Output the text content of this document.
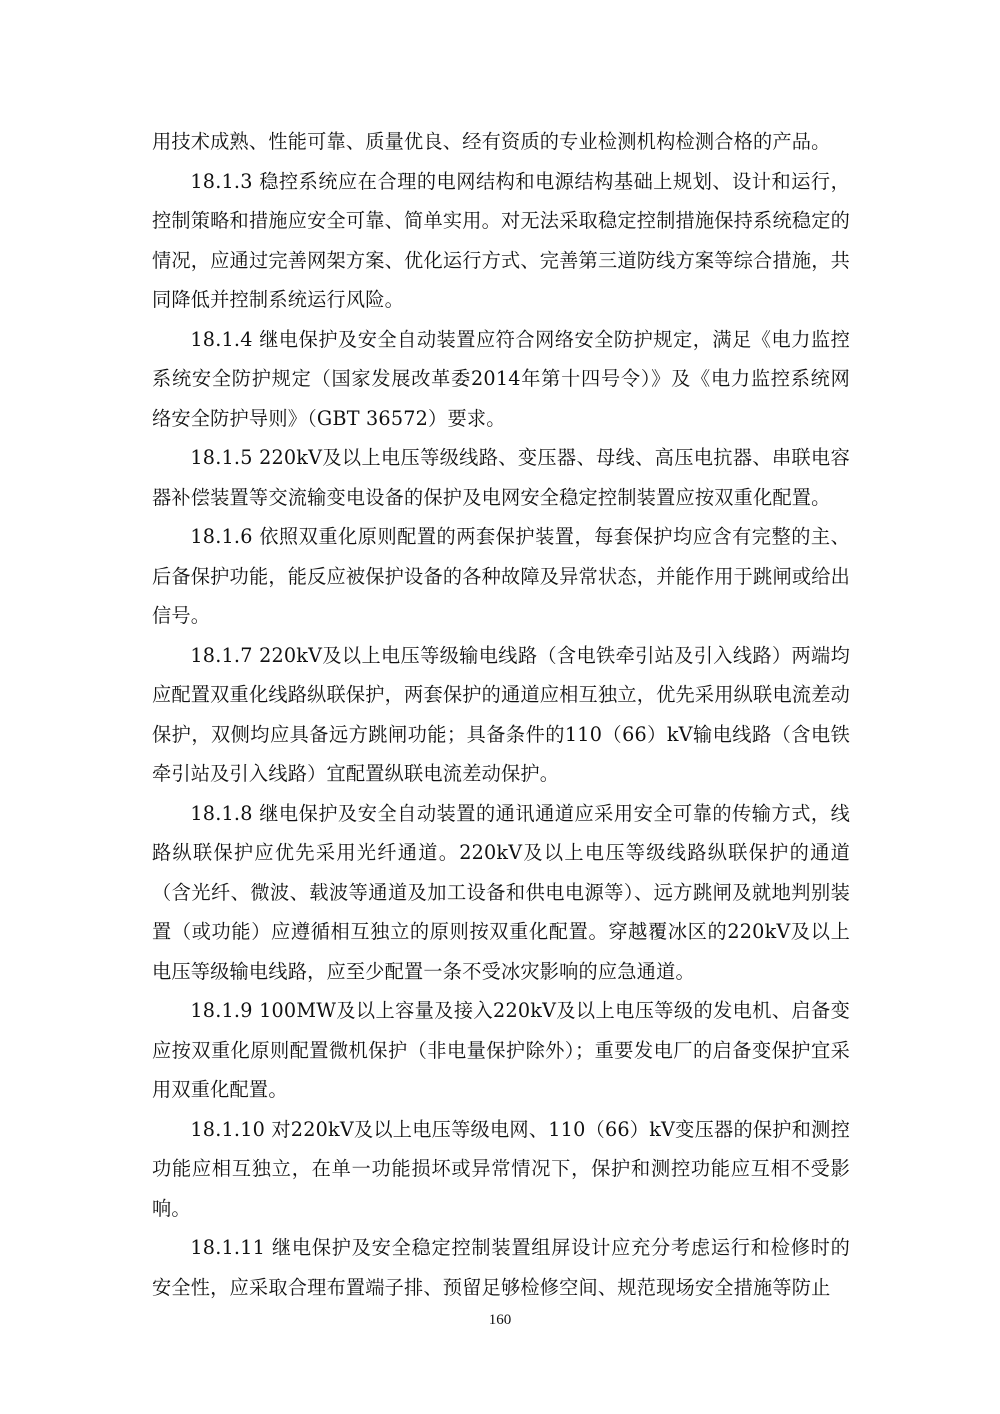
用技术成熟、性能可靠、质量优良、经有资质的专业检测机构检测合格的产品。

18.1.3 稳控系统应在合理的电网结构和电源结构基础上规划、设计和运行，控制策略和措施应安全可靠、简单实用。对无法采取稳定控制措施保持系统稳定的情况，应通过完善网架方案、优化运行方式、完善第三道防线方案等综合措施，共同降低并控制系统运行风险。

18.1.4 继电保护及安全自动装置应符合网络安全防护规定，满足《电力监控系统安全防护规定（国家发展改革委2014年第十四号令）》及《电力监控系统网络安全防护导则》（GBT 36572）要求。

18.1.5 220kV及以上电压等级线路、变压器、母线、高压电抗器、串联电容器补偿装置等交流输变电设备的保护及电网安全稳定控制装置应按双重化配置。

18.1.6 依照双重化原则配置的两套保护装置，每套保护均应含有完整的主、后备保护功能，能反应被保护设备的各种故障及异常状态，并能作用于跳闸或给出信号。

18.1.7 220kV及以上电压等级输电线路（含电铁牵引站及引入线路）两端均应配置双重化线路纵联保护，两套保护的通道应相互独立，优先采用纵联电流差动保护，双侧均应具备远方跳闸功能；具备条件的110（66）kV输电线路（含电铁牵引站及引入线路）宜配置纵联电流差动保护。

18.1.8 继电保护及安全自动装置的通讯通道应采用安全可靠的传输方式，线路纵联保护应优先采用光纤通道。220kV及以上电压等级线路纵联保护的通道（含光纤、微波、载波等通道及加工设备和供电电源等）、远方跳闸及就地判别装置（或功能）应遵循相互独立的原则按双重化配置。穿越覆冰区的220kV及以上电压等级输电线路，应至少配置一条不受冰灾影响的应急通道。

18.1.9 100MW及以上容量及接入220kV及以上电压等级的发电机、启备变应按双重化原则配置微机保护（非电量保护除外）；重要发电厂的启备变保护宜采用双重化配置。

18.1.10 对220kV及以上电压等级电网、110（66）kV变压器的保护和测控功能应相互独立，在单一功能损坏或异常情况下，保护和测控功能应互相不受影响。

18.1.11 继电保护及安全稳定控制装置组屏设计应充分考虑运行和检修时的安全性，应采取合理布置端子排、预留足够检修空间、规范现场安全措施等防止

160
